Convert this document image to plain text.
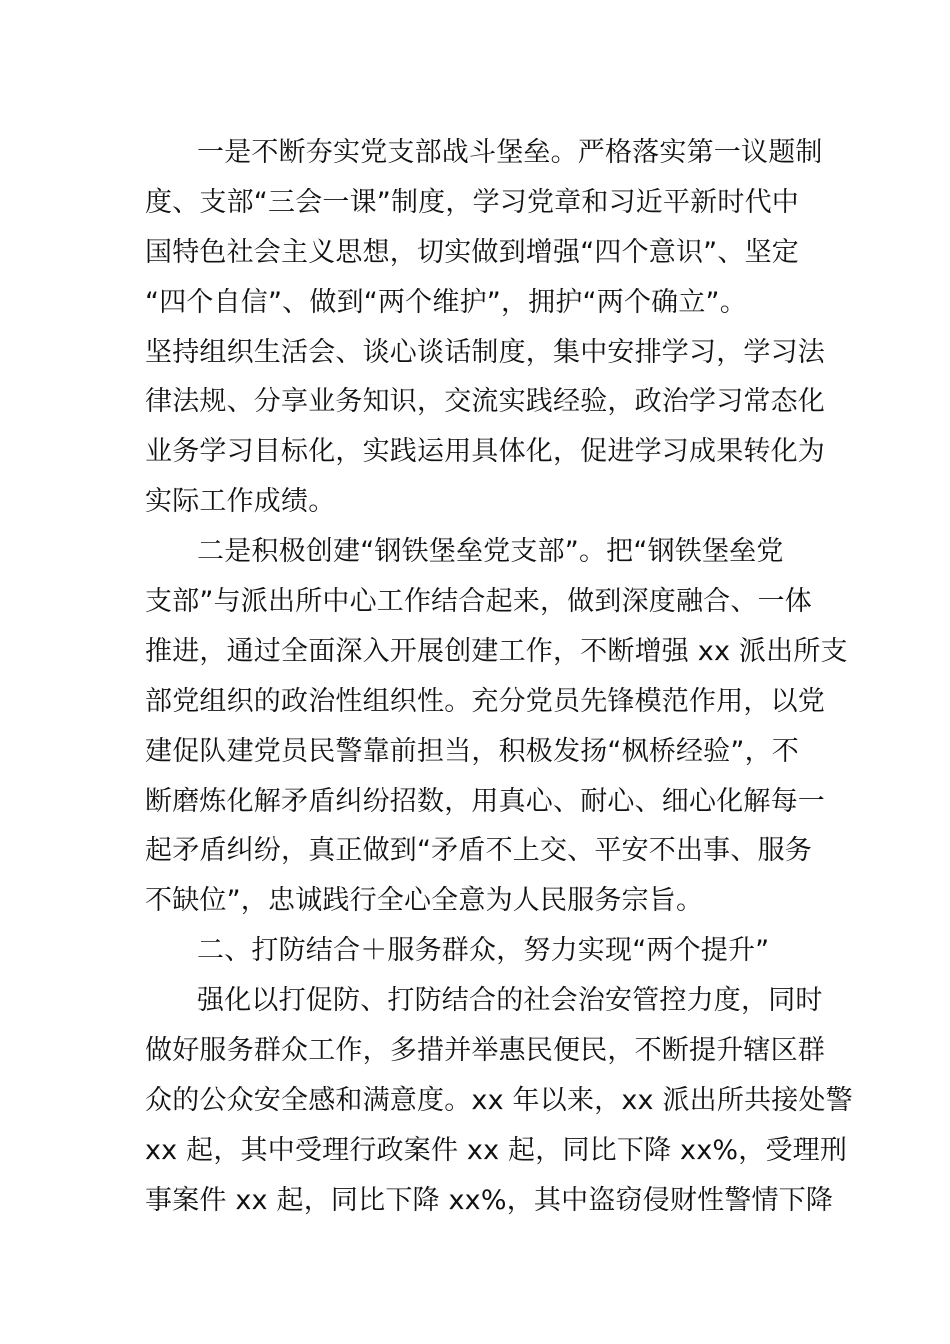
一是不断夯实党支部战斗堡垒。严格落实第一议题制
度、支部“三会一课”制度，学习党章和习近平新时代中
国特色社会主义思想，切实做到增强“四个意识”、坚定
“四个自信”、做到“两个维护”，拥护“两个确立”。
坚持组织生活会、谈心谈话制度，集中安排学习，学习法
律法规、分享业务知识，交流实践经验，政治学习常态化
业务学习目标化，实践运用具体化，促进学习成果转化为
实际工作成绩。
二是积极创建“钢铁堡垒党支部”。把“钢铁堡垒党
支部”与派出所中心工作结合起来，做到深度融合、一体
推进，通过全面深入开展创建工作，不断增强 xx 派出所支
部党组织的政治性组织性。充分党员先锋模范作用，以党
建促队建党员民警靠前担当，积极发扬“枫桥经验”，不
断磨炼化解矛盾纠纷招数，用真心、耐心、细心化解每一
起矛盾纠纷，真正做到“矛盾不上交、平安不出事、服务
不缺位”，忠诚践行全心全意为人民服务宗旨。
二、打防结合＋服务群众，努力实现“两个提升”
强化以打促防、打防结合的社会治安管控力度，同时
做好服务群众工作，多措并举惠民便民，不断提升辖区群
众的公众安全感和满意度。xx 年以来，xx 派出所共接处警
xx 起，其中受理行政案件 xx 起，同比下降 xx%，受理刑
事案件 xx 起，同比下降 xx%，其中盗窃侵财性警情下降
